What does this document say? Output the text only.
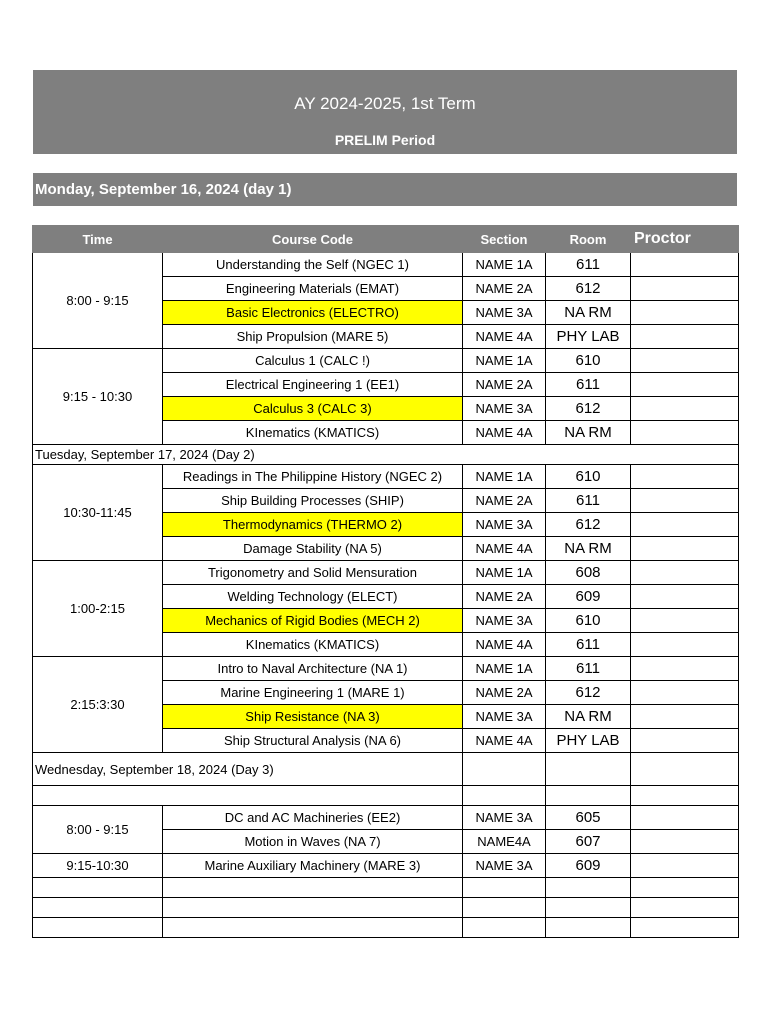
AY 2024-2025, 1st Term
PRELIM Period
Monday, September 16, 2024 (day 1)
Time	Course Code	Section	Room	Proctor
8:00 - 9:15	Understanding the Self (NGEC 1)	NAME 1A	611	
	Engineering Materials (EMAT)	NAME 2A	612	
	Basic Electronics (ELECTRO)	NAME 3A	NA RM	
	Ship Propulsion (MARE 5)	NAME 4A	PHY LAB	
9:15 - 10:30	Calculus 1 (CALC !)	NAME 1A	610	
	Electrical Engineering 1 (EE1)	NAME 2A	611	
	Calculus 3 (CALC 3)	NAME 3A	612	
	KInematics (KMATICS)	NAME 4A	NA RM	
Tuesday, September 17, 2024 (Day 2)				
10:30-11:45	Readings in The Philippine History (NGEC 2)	NAME 1A	610	
	Ship Building Processes (SHIP)	NAME 2A	611	
	Thermodynamics (THERMO 2)	NAME 3A	612	
	Damage Stability (NA 5)	NAME 4A	NA RM	
1:00-2:15	Trigonometry and Solid Mensuration	NAME 1A	608	
	Welding Technology (ELECT)	NAME 2A	609	
	Mechanics of Rigid Bodies (MECH 2)	NAME 3A	610	
	KInematics (KMATICS)	NAME 4A	611	
2:15:3:30	Intro to Naval Architecture (NA 1)	NAME 1A	611	
	Marine Engineering 1 (MARE 1)	NAME 2A	612	
	Ship Resistance (NA 3)	NAME 3A	NA RM	
	Ship Structural Analysis (NA 6)	NAME 4A	PHY LAB	
Wednesday, September 18, 2024 (Day 3)				

8:00 - 9:15	DC and AC Machineries (EE2)	NAME 3A	605	
	Motion in Waves (NA 7)	NAME4A	607	
9:15-10:30	Marine Auxiliary Machinery (MARE 3)	NAME 3A	609	
